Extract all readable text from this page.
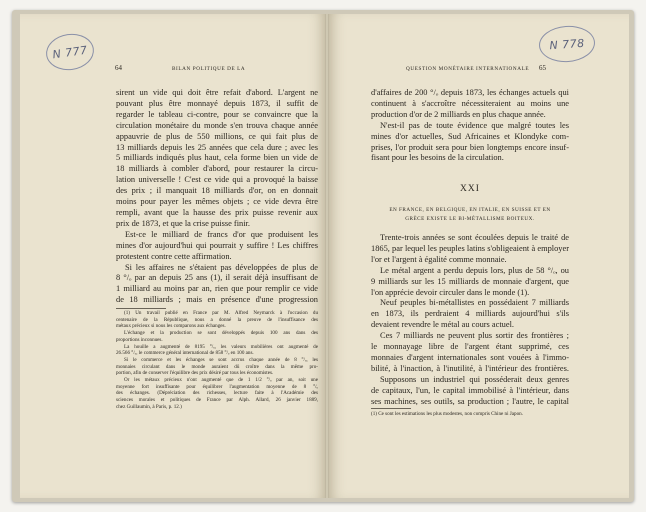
N 777
64	BILAN POLITIQUE DE LA
sirent un vide qui doit être refait d'abord. L'argent ne
pouvant plus être monnayé depuis 1873, il suffit de
regarder le tableau ci-contre, pour se convaincre que la
circulation monétaire du monde s'en trouva chaque année
appauvrie de plus de 550 millions, ce qui fait plus de
13 milliards depuis les 25 années que cela dure ; avec les
5 milliards indiqués plus haut, cela forme bien un vide de
18 milliards à combler d'abord, pour restaurer la circu-
lation universelle ! C'est ce vide qui a provoqué la baisse
des prix ; il manquait 18 milliards d'or, on en donnait
moins pour payer les mêmes objets ; ce vide devra être
rempli, avant que la hausse des prix puisse revenir aux
prix de 1873, et que la crise puisse finir.
Est-ce le milliard de francs d'or que produisent les
mines d'or aujourd'hui qui pourrait y suffire ! Les chiffres
protestent contre cette affirmation.
Si les affaires ne s'étaient pas développées de plus de
8 °/ₒ par an depuis 25 ans (1), il serait déjà insuffisant de
1 milliard au moins par an, rien que pour remplir ce vide
de 18 milliards ; mais en présence d'une progression
(1) Un travail publié en France par M. Alfred Neymarck à l'occasion du
centenaire de la République, nous a donné la preuve de l'insuffisance des
métaux précieux si nous les comparons aux échanges.
L'échange et la production se sont développés depuis 100 ans dans des
proportions inconnues.
La houille a augmenté de 8195 °/ₒ, les valeurs mobilières ont augmenté de
26.566 °/ₒ, le commerce général international de 858 °/ₒ en 100 ans.
Si le commerce et les échanges se sont accrus chaque année de 8 °/ₒ, les
monnaies circulant dans le monde auraient dû croître dans la même pro-
portion, afin de conserver l'équilibre des prix désiré par tous les économistes.
Or les métaux précieux n'ont augmenté que de 1 1/2 °/ₒ par an, soit une
moyenne fort insuffisante pour équilibrer l'augmentation moyenne de 8 °/ₒ
des échanges. (Dépréciation des richesses, lecture faite à l'Académie des
sciences morales et politiques de France par Alph. Allard, 26 janvier 1889,
chez Guillaumin, à Paris, p. 12.)
N 778
QUESTION MONÉTAIRE INTERNATIONALE 65
d'affaires de 200 °/ₒ depuis 1873, les échanges actuels qui
continuent à s'accroître nécessiteraient au moins une
production d'or de 2 milliards en plus chaque année.
N'est-il pas de toute évidence que malgré toutes les
mines d'or actuelles, Sud Africaines et Klondyke com-
prises, l'or produit sera pour bien longtemps encore insuf-
fisant pour les besoins de la circulation.
XXI
EN FRANCE, EN BELGIQUE, EN ITALIE, EN SUISSE ET EN
GRÈCE EXISTE LE BI-MÉTALLISME BOITEUX.
Trente-trois années se sont écoulées depuis le traité de
1865, par lequel les peuples latins s'obligeaient à employer
l'or et l'argent à égalité comme monnaie.
Le métal argent a perdu depuis lors, plus de 58 °/ₒ, ou
9 milliards sur les 15 milliards de monnaie d'argent, que
l'on apprécie devoir circuler dans le monde (1).
Neuf peuples bi-métallistes en possédaient 7 milliards
en 1873, ils perdraient 4 milliards aujourd'hui s'ils
devaient revendre le métal au cours actuel.
Ces 7 milliards ne peuvent plus sortir des frontières ;
le monnayage libre de l'argent étant supprimé, ces
monnaies d'argent internationales sont vouées à l'immo-
bilité, à l'inaction, à l'inutilité, à l'intérieur des frontières.
Supposons un industriel qui posséderait deux genres
de capitaux, l'un, le capital immobilisé à l'intérieur, dans
ses machines, ses outils, sa production ; l'autre, le capital
(1) Ce sont les estimations les plus modestes, non compris Chine ni Japon.
